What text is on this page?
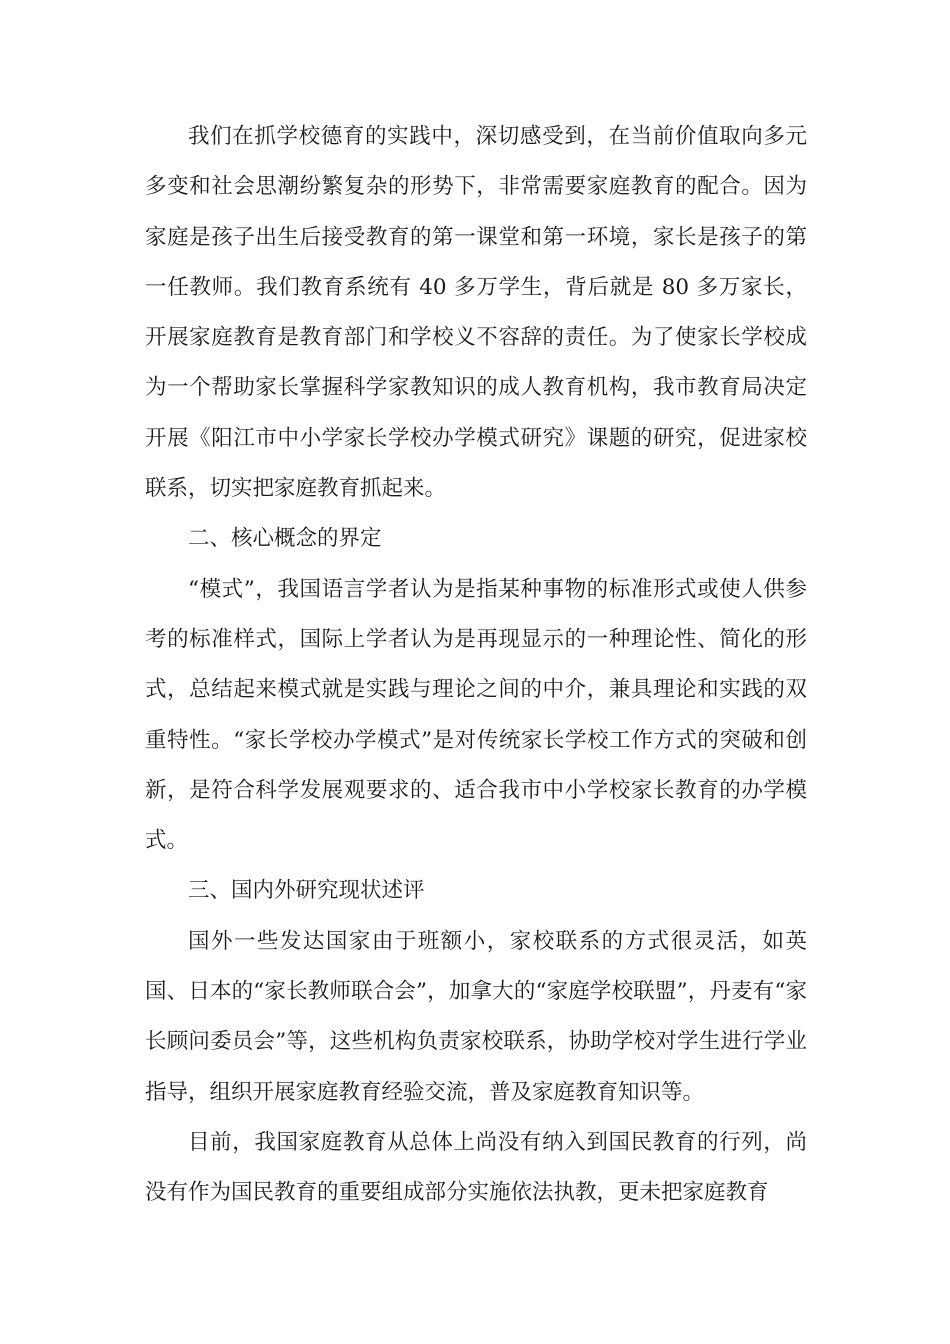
我们在抓学校德育的实践中，深切感受到，在当前价值取向多元多变和社会思潮纷繁复杂的形势下，非常需要家庭教育的配合。因为家庭是孩子出生后接受教育的第一课堂和第一环境，家长是孩子的第一任教师。我们教育系统有 40 多万学生，背后就是 80 多万家长，开展家庭教育是教育部门和学校义不容辞的责任。为了使家长学校成为一个帮助家长掌握科学家教知识的成人教育机构，我市教育局决定开展《阳江市中小学家长学校办学模式研究》课题的研究，促进家校联系，切实把家庭教育抓起来。

二、核心概念的界定

“模式”，我国语言学者认为是指某种事物的标准形式或使人供参考的标准样式，国际上学者认为是再现显示的一种理论性、简化的形式，总结起来模式就是实践与理论之间的中介，兼具理论和实践的双重特性。“家长学校办学模式”是对传统家长学校工作方式的突破和创新，是符合科学发展观要求的、适合我市中小学校家长教育的办学模式。

三、国内外研究现状述评

国外一些发达国家由于班额小，家校联系的方式很灵活，如英国、日本的“家长教师联合会”，加拿大的“家庭学校联盟”，丹麦有“家长顾问委员会”等，这些机构负责家校联系，协助学校对学生进行学业指导，组织开展家庭教育经验交流，普及家庭教育知识等。

目前，我国家庭教育从总体上尚没有纳入到国民教育的行列，尚没有作为国民教育的重要组成部分实施依法执教，更未把家庭教育
